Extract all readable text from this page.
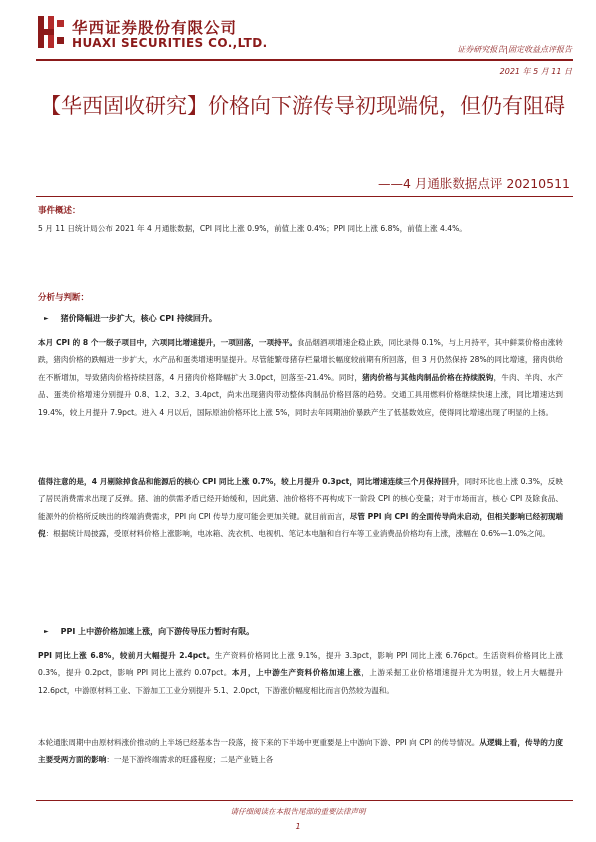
华西证券股份有限公司
HUAXI SECURITIES CO.,LTD.	证券研究报告|固定收益点评报告
2021 年 5 月 11 日
【华西固收研究】价格向下游传导初现端倪，但仍有阻碍
——4 月通胀数据点评 20210511
事件概述：
5 月 11 日统计局公布 2021 年 4 月通胀数据，CPI 同比上涨 0.9%，前值上涨 0.4%；PPI 同比上涨 6.8%，前值上涨 4.4%。
分析与判断：
► 猪价降幅进一步扩大，核心 CPI 持续回升。
本月 CPI 的 8 个一级子项目中，六项同比增速提升，一项回落，一项持平。食品烟酒项增速企稳止跌，同比录得 0.1%，与上月持平，其中鲜菜价格由涨转跌，猪肉价格的跌幅进一步扩大，水产品和蛋类增速明显提升。尽管能繁母猪存栏量增长幅度较前期有所回落，但 3 月仍然保持 28%的同比增速，猪肉供给在不断增加，导致猪肉价格持续回落，4 月猪肉价格降幅扩大 3.0pct，回落至-21.4%。同时，猪肉价格与其他肉制品价格在持续脱钩，牛肉、羊肉、水产品、蛋类价格增速分别提升 0.8、1.2、3.2、3.4pct，尚未出现猪肉带动整体肉制品价格回落的趋势。交通工具用燃料价格继续快速上涨，同比增速达到 19.4%，较上月提升 7.9pct。进入 4 月以后，国际原油价格环比上涨 5%，同时去年同期油价暴跌产生了低基数效应，使得同比增速出现了明显的上扬。
值得注意的是，4 月剔除掉食品和能源后的核心 CPI 同比上涨 0.7%，较上月提升 0.3pct，同比增速连续三个月保持回升，同时环比也上涨 0.3%，反映了居民消费需求出现了反弹。猪、油的供需矛盾已经开始缓和，因此猪、油价格将不再构成下一阶段 CPI 的核心变量；对于市场而言，核心 CPI 及除食品、能源外的价格所反映出的终端消费需求，PPI 向 CPI 传导力度可能会更加关键。就目前而言，尽管 PPI 向 CPI 的全面传导尚未启动，但相关影响已经初现端倪：根据统计局披露，受原材料价格上涨影响，电冰箱、洗衣机、电视机、笔记本电脑和自行车等工业消费品价格均有上涨，涨幅在 0.6%—1.0%之间。
► PPI 上中游价格加速上涨，向下游传导压力暂时有限。
PPI 同比上涨 6.8%，较前月大幅提升 2.4pct。生产资料价格同比上涨 9.1%，提升 3.3pct，影响 PPI 同比上涨 6.76pct。生活资料价格同比上涨 0.3%，提升 0.2pct，影响 PPI 同比上涨约 0.07pct。本月，上中游生产资料价格加速上涨，上游采掘工业价格增速提升尤为明显，较上月大幅提升 12.6pct，中游原材料工业、下游加工工业分别提升 5.1、2.0pct，下游涨价幅度相比而言仍然较为温和。
本轮通胀周期中由原材料涨价推动的上半场已经基本告一段落，接下来的下半场中更重要是上中游向下游、PPI 向 CPI 的传导情况。从逻辑上看，传导的力度主要受两方面的影响：一是下游终端需求的旺盛程度；二是产业链上各
请仔细阅读在本报告尾部的重要法律声明
1
